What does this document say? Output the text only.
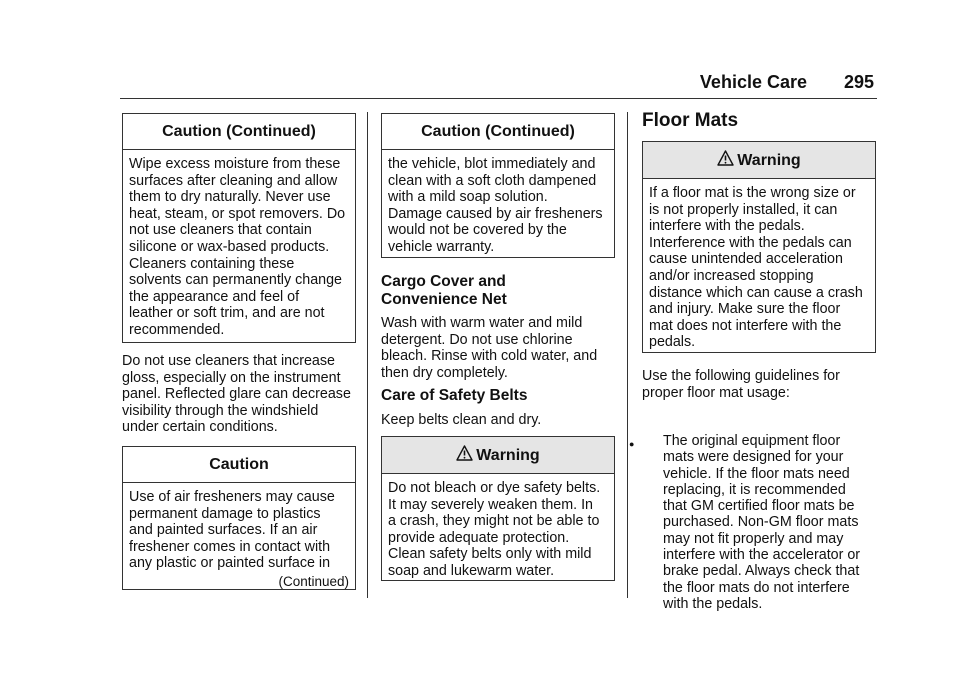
Vehicle Care 295
Caution (Continued)
Wipe excess moisture from these
surfaces after cleaning and allow
them to dry naturally. Never use
heat, steam, or spot removers. Do
not use cleaners that contain
silicone or wax-based products.
Cleaners containing these
solvents can permanently change
the appearance and feel of
leather or soft trim, and are not
recommended.
Do not use cleaners that increase
gloss, especially on the instrument
panel. Reflected glare can decrease
visibility through the windshield
under certain conditions.
Caution
Use of air fresheners may cause
permanent damage to plastics
and painted surfaces. If an air
freshener comes in contact with
any plastic or painted surface in
(Continued)
Caution (Continued)
the vehicle, blot immediately and
clean with a soft cloth dampened
with a mild soap solution.
Damage caused by air fresheners
would not be covered by the
vehicle warranty.
Cargo Cover and
Convenience Net
Wash with warm water and mild
detergent. Do not use chlorine
bleach. Rinse with cold water, and
then dry completely.
Care of Safety Belts
Keep belts clean and dry.
Warning
Do not bleach or dye safety belts.
It may severely weaken them. In
a crash, they might not be able to
provide adequate protection.
Clean safety belts only with mild
soap and lukewarm water.
Floor Mats
Warning
If a floor mat is the wrong size or
is not properly installed, it can
interfere with the pedals.
Interference with the pedals can
cause unintended acceleration
and/or increased stopping
distance which can cause a crash
and injury. Make sure the floor
mat does not interfere with the
pedals.
Use the following guidelines for
proper floor mat usage:
● The original equipment floor
mats were designed for your
vehicle. If the floor mats need
replacing, it is recommended
that GM certified floor mats be
purchased. Non-GM floor mats
may not fit properly and may
interfere with the accelerator or
brake pedal. Always check that
the floor mats do not interfere
with the pedals.
